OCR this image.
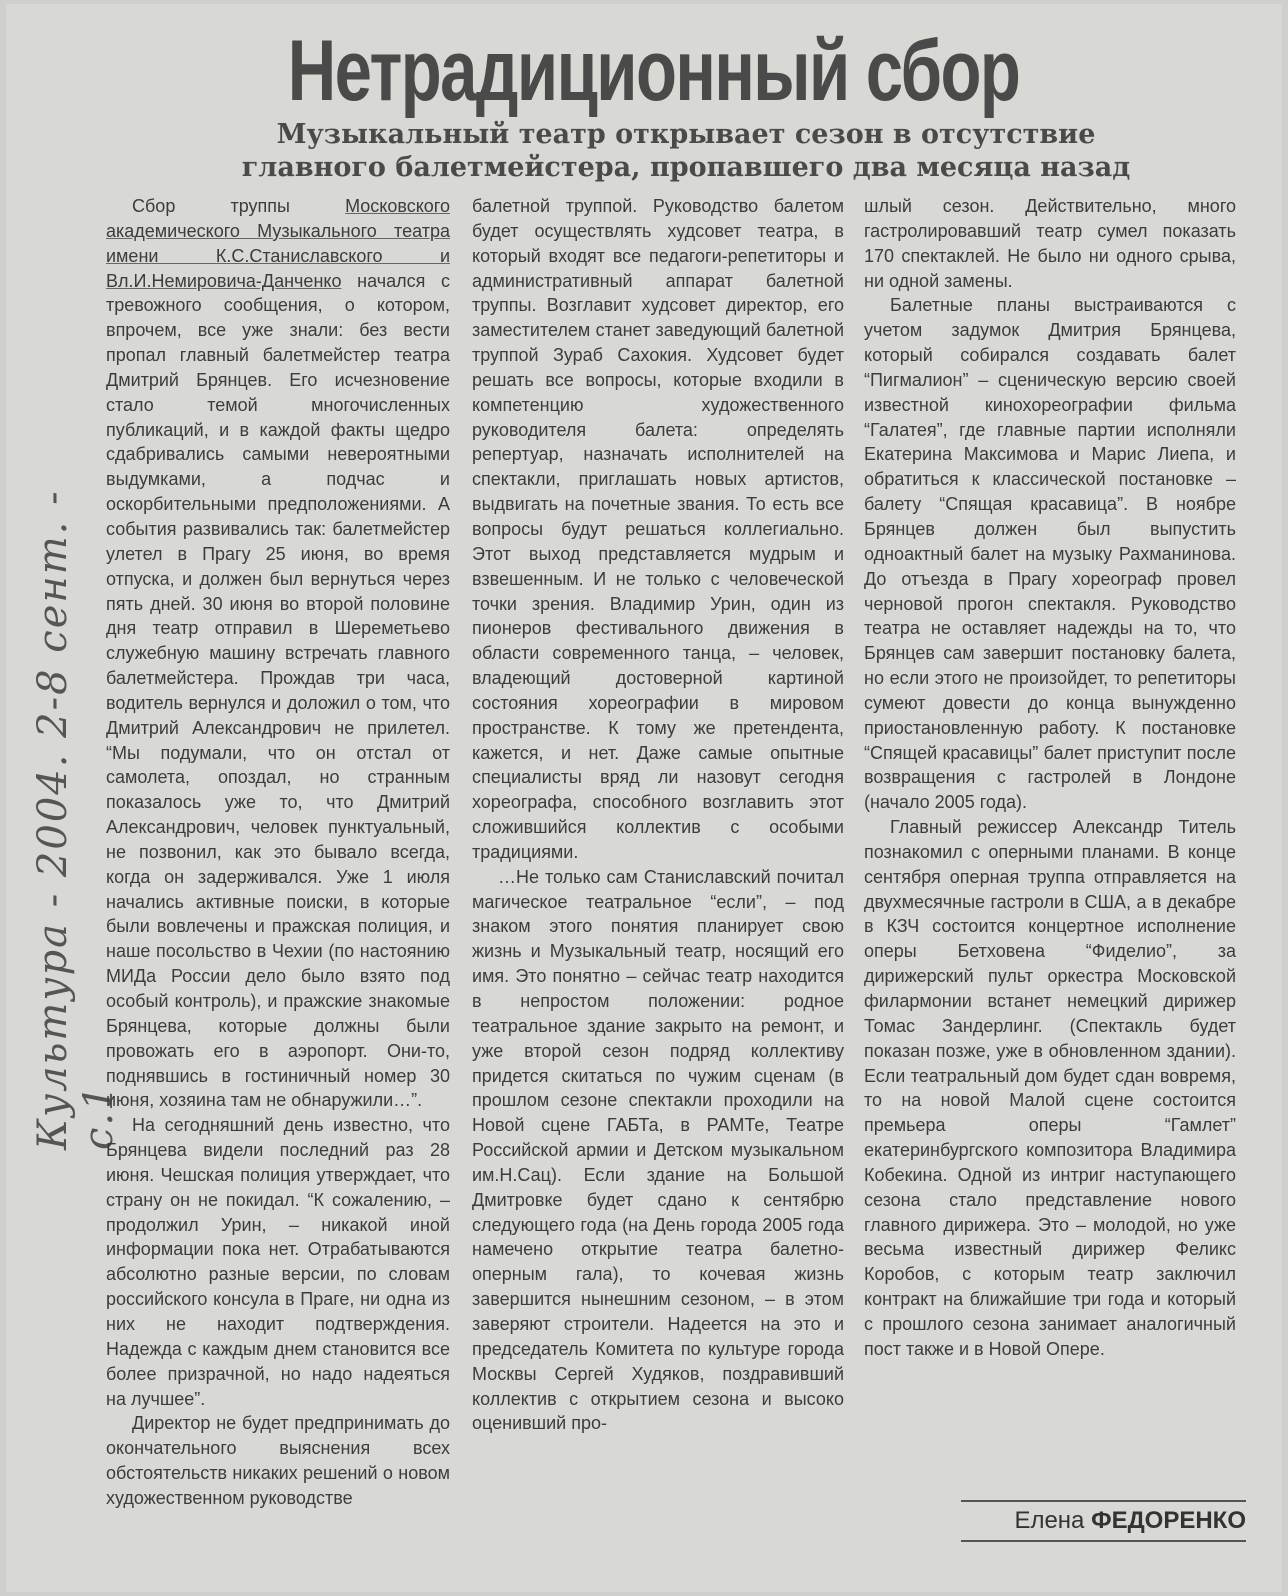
Нетрадиционный сбор
Музыкальный театр открывает сезон в отсутствие
главного балетмейстера, пропавшего два месяца назад
Культура - 2004. 2-8 сент. - с.1

Сбор труппы Московского академического Музыкального театра имени К.С.Станиславского и Вл.И.Немировича-Данченко начался с тревожного сообщения, о котором, впрочем, все уже знали: без вести пропал главный балетмейстер театра Дмитрий Брянцев. Его исчезновение стало темой многочисленных публикаций, и в каждой факты щедро сдабривались самыми невероятными выдумками, а подчас и оскорбительными предположениями. А события развивались так: балетмейстер улетел в Прагу 25 июня, во время отпуска, и должен был вернуться через пять дней. 30 июня во второй половине дня театр отправил в Шереметьево служебную машину встречать главного балетмейстера. Прождав три часа, водитель вернулся и доложил о том, что Дмитрий Александрович не прилетел. “Мы подумали, что он отстал от самолета, опоздал, но странным показалось уже то, что Дмитрий Александрович, человек пунктуальный, не позвонил, как это бывало всегда, когда он задерживался. Уже 1 июля начались активные поиски, в которые были вовлечены и пражская полиция, и наше посольство в Чехии (по настоянию МИДа России дело было взято под особый контроль), и пражские знакомые Брянцева, которые должны были провожать его в аэропорт. Они-то, поднявшись в гостиничный номер 30 июня, хозяина там не обнаружили…”.

На сегодняшний день известно, что Брянцева видели последний раз 28 июня. Чешская полиция утверждает, что страну он не покидал. “К сожалению, – продолжил Урин, – никакой иной информации пока нет. Отрабатываются абсолютно разные версии, по словам российского консула в Праге, ни одна из них не находит подтверждения. Надежда с каждым днем становится все более призрачной, но надо надеяться на лучшее”.

Директор не будет предпринимать до окончательного выяснения всех обстоятельств никаких решений о новом художественном руководстве

балетной труппой. Руководство балетом будет осуществлять худсовет театра, в который входят все педагоги-репетиторы и административный аппарат балетной труппы. Возглавит худсовет директор, его заместителем станет заведующий балетной труппой Зураб Сахокия. Худсовет будет решать все вопросы, которые входили в компетенцию художественного руководителя балета: определять репертуар, назначать исполнителей на спектакли, приглашать новых артистов, выдвигать на почетные звания. То есть все вопросы будут решаться коллегиально. Этот выход представляется мудрым и взвешенным. И не только с человеческой точки зрения. Владимир Урин, один из пионеров фестивального движения в области современного танца, – человек, владеющий достоверной картиной состояния хореографии в мировом пространстве. К тому же претендента, кажется, и нет. Даже самые опытные специалисты вряд ли назовут сегодня хореографа, способного возглавить этот сложившийся коллектив с особыми традициями.

…Не только сам Станиславский почитал магическое театральное “если”, – под знаком этого понятия планирует свою жизнь и Музыкальный театр, носящий его имя. Это понятно – сейчас театр находится в непростом положении: родное театральное здание закрыто на ремонт, и уже второй сезон подряд коллективу придется скитаться по чужим сценам (в прошлом сезоне спектакли проходили на Новой сцене ГАБТа, в РАМТе, Театре Российской армии и Детском музыкальном им.Н.Сац). Если здание на Большой Дмитровке будет сдано к сентябрю следующего года (на День города 2005 года намечено открытие театра балетно-оперным гала), то кочевая жизнь завершится нынешним сезоном, – в этом заверяют строители. Надеется на это и председатель Комитета по культуре города Москвы Сергей Худяков, поздравивший коллектив с открытием сезона и высоко оценивший про-

шлый сезон. Действительно, много гастролировавший театр сумел показать 170 спектаклей. Не было ни одного срыва, ни одной замены.

Балетные планы выстраиваются с учетом задумок Дмитрия Брянцева, который собирался создавать балет “Пигмалион” – сценическую версию своей известной кинохореографии фильма “Галатея”, где главные партии исполняли Екатерина Максимова и Марис Лиепа, и обратиться к классической постановке – балету “Спящая красавица”. В ноябре Брянцев должен был выпустить одноактный балет на музыку Рахманинова. До отъезда в Прагу хореограф провел черновой прогон спектакля. Руководство театра не оставляет надежды на то, что Брянцев сам завершит постановку балета, но если этого не произойдет, то репетиторы сумеют довести до конца вынужденно приостановленную работу. К постановке “Спящей красавицы” балет приступит после возвращения с гастролей в Лондоне (начало 2005 года).

Главный режиссер Александр Титель познакомил с оперными планами. В конце сентября оперная труппа отправляется на двухмесячные гастроли в США, а в декабре в КЗЧ состоится концертное исполнение оперы Бетховена “Фиделио”, за дирижерский пульт оркестра Московской филармонии встанет немецкий дирижер Томас Зандерлинг. (Спектакль будет показан позже, уже в обновленном здании). Если театральный дом будет сдан вовремя, то на новой Малой сцене состоится премьера оперы “Гамлет” екатеринбургского композитора Владимира Кобекина. Одной из интриг наступающего сезона стало представление нового главного дирижера. Это – молодой, но уже весьма известный дирижер Феликс Коробов, с которым театр заключил контракт на ближайшие три года и который с прошлого сезона занимает аналогичный пост также и в Новой Опере.

Елена ФЕДОРЕНКО
